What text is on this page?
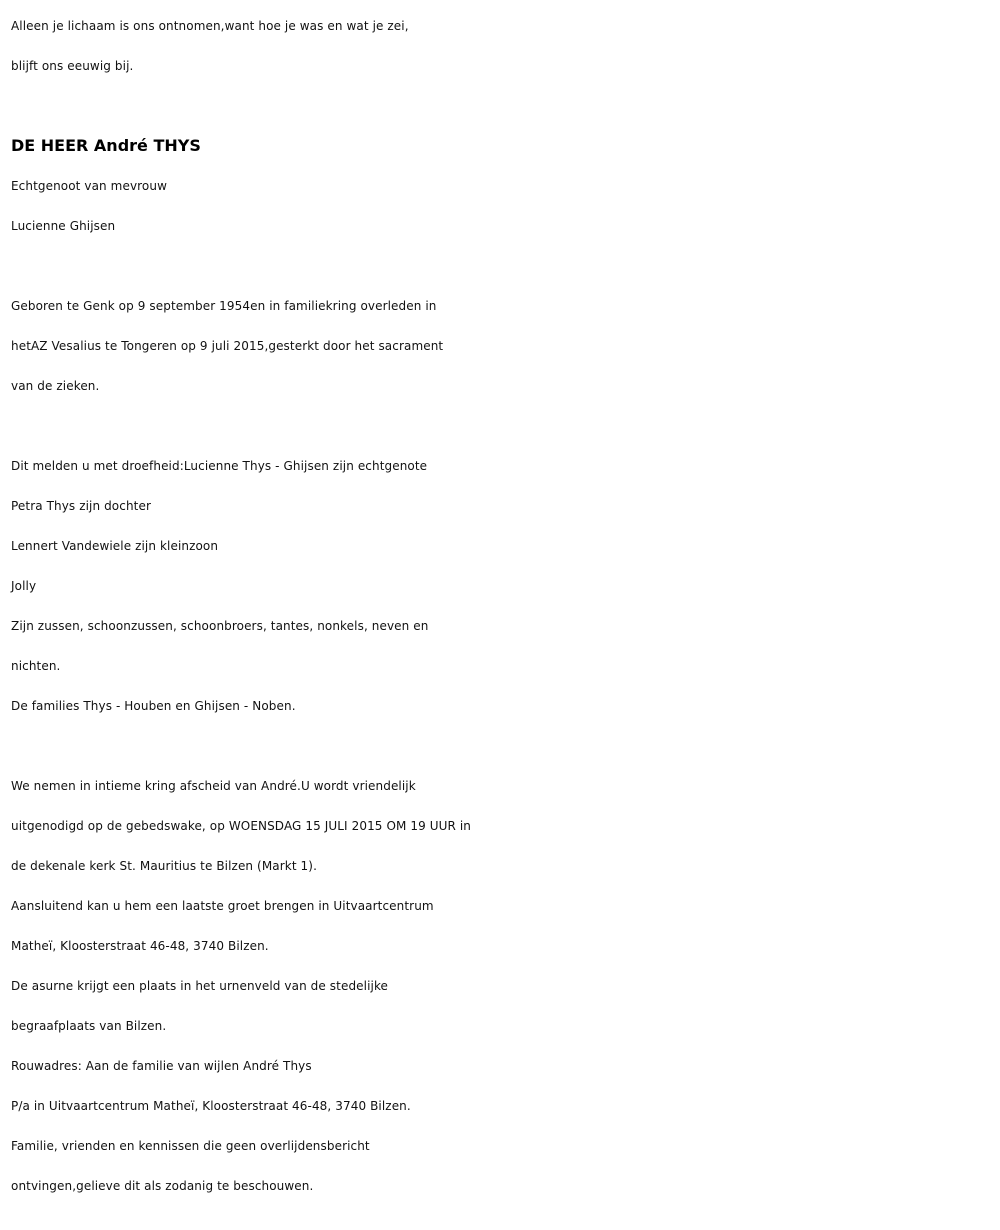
Alleen je lichaam is ons ontnomen,want hoe je was en wat je zei,
blijft ons eeuwig bij.
DE HEER André THYS
Echtgenoot van mevrouw
Lucienne Ghijsen
Geboren te Genk op 9 september 1954en in familiekring overleden in
hetAZ Vesalius te Tongeren op 9 juli 2015,gesterkt door het sacrament
van de zieken.
Dit melden u met droefheid:Lucienne Thys - Ghijsen zijn echtgenote
Petra Thys zijn dochter
Lennert Vandewiele zijn kleinzoon
Jolly
Zijn zussen, schoonzussen, schoonbroers, tantes, nonkels, neven en
nichten.
De families Thys - Houben en Ghijsen - Noben.
We nemen in intieme kring afscheid van André.U wordt vriendelijk
uitgenodigd op de gebedswake, op WOENSDAG 15 JULI 2015 OM 19 UUR in
de dekenale kerk St. Mauritius te Bilzen (Markt 1).
Aansluitend kan u hem een laatste groet brengen in Uitvaartcentrum
Matheï, Kloosterstraat 46-48, 3740 Bilzen.
De asurne krijgt een plaats in het urnenveld van de stedelijke
begraafplaats van Bilzen.
Rouwadres: Aan de familie van wijlen André Thys
P/a in Uitvaartcentrum Matheï, Kloosterstraat 46-48, 3740 Bilzen.
Familie, vrienden en kennissen die geen overlijdensbericht
ontvingen,gelieve dit als zodanig te beschouwen.
